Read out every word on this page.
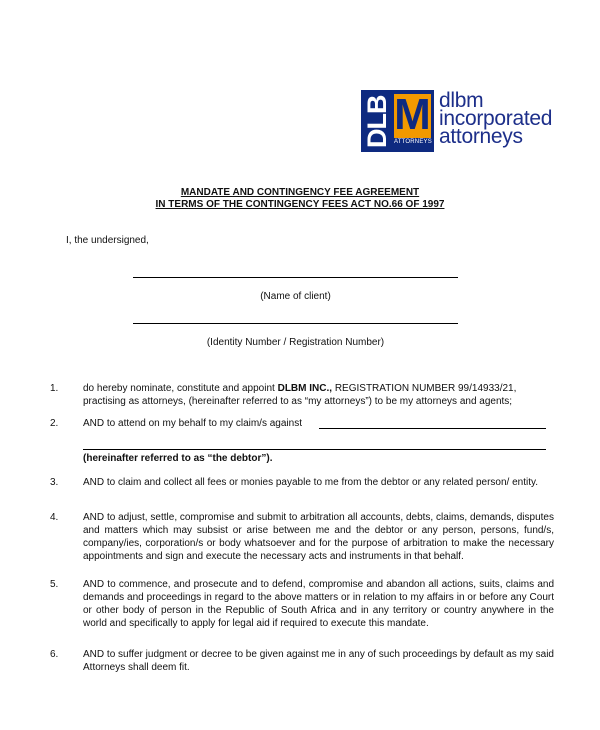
DLB M
ATTORNEYS
dlbm
incorporated
attorneys
MANDATE AND CONTINGENCY FEE AGREEMENT
IN TERMS OF THE CONTINGENCY FEES ACT NO.66 OF 1997
I, the undersigned,
(Name of client)
(Identity Number / Registration Number)
1. do hereby nominate, constitute and appoint DLBM INC., REGISTRATION NUMBER 99/14933/21, practising as attorneys, (hereinafter referred to as “my attorneys”) to be my attorneys and agents;
2. AND to attend on my behalf to my claim/s against
(hereinafter referred to as “the debtor”).
3. AND to claim and collect all fees or monies payable to me from the debtor or any related person/ entity.
4. AND to adjust, settle, compromise and submit to arbitration all accounts, debts, claims, demands, disputes and matters which may subsist or arise between me and the debtor or any person, persons, fund/s, company/ies, corporation/s or body whatsoever and for the purpose of arbitration to make the necessary appointments and sign and execute the necessary acts and instruments in that behalf.
5. AND to commence, and prosecute and to defend, compromise and abandon all actions, suits, claims and demands and proceedings in regard to the above matters or in relation to my affairs in or before any Court or other body of person in the Republic of South Africa and in any territory or country anywhere in the world and specifically to apply for legal aid if required to execute this mandate.
6. AND to suffer judgment or decree to be given against me in any of such proceedings by default as my said Attorneys shall deem fit.
